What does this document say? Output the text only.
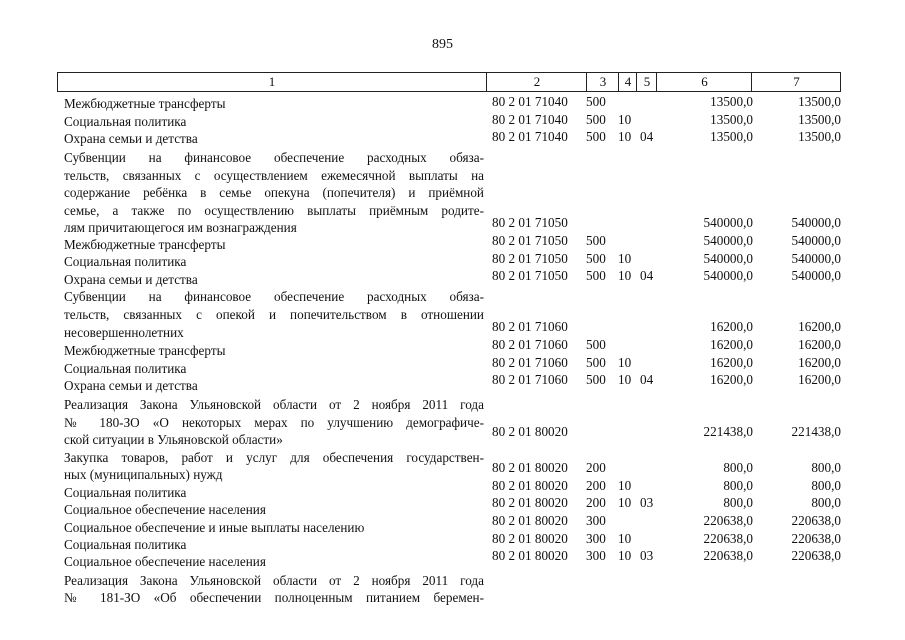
895
1	2	3	4 5	6	7
Межбюджетные трансферты	80 2 01 71040	500	13500,0	13500,0
Социальная политика	80 2 01 71040	500 10	13500,0	13500,0
Охрана семьи и детства	80 2 01 71040	500 10 04	13500,0	13500,0
Субвенции на финансовое обеспечение расходных обяза-
тельств, связанных с осуществлением ежемесячной выплаты на
содержание ребёнка в семье опекуна (попечителя) и приёмной
семье, а также по осуществлению выплаты приёмным родите-
лям причитающегося им вознаграждения	80 2 01 71050	540000,0	540000,0
Межбюджетные трансферты	80 2 01 71050	500	540000,0	540000,0
Социальная политика	80 2 01 71050	500 10	540000,0	540000,0
Охрана семьи и детства	80 2 01 71050	500 10 04	540000,0	540000,0
Субвенции на финансовое обеспечение расходных обяза-
тельств, связанных с опекой и попечительством в отношении
несовершеннолетних	80 2 01 71060	16200,0	16200,0
Межбюджетные трансферты	80 2 01 71060	500	16200,0	16200,0
Социальная политика	80 2 01 71060	500 10	16200,0	16200,0
Охрана семьи и детства	80 2 01 71060	500 10 04	16200,0	16200,0
Реализация Закона Ульяновской области от 2 ноября 2011 года
№ 180-ЗО «О некоторых мерах по улучшению демографиче-
ской ситуации в Ульяновской области»
80 2 01 80020	221438,0	221438,0
Закупка товаров, работ и услуг для обеспечения государствен-
ных (муниципальных) нужд	80 2 01 80020	200	800,0	800,0
Социальная политика	80 2 01 80020	200 10	800,0	800,0
Социальное обеспечение населения	80 2 01 80020	200 10 03	800,0	800,0
Социальное обеспечение и иные выплаты населению	80 2 01 80020	300	220638,0	220638,0
Социальная политика	80 2 01 80020	300 10	220638,0	220638,0
Социальное обеспечение населения	80 2 01 80020	300 10 03	220638,0	220638,0
Реализация Закона Ульяновской области от 2 ноября 2011 года
№ 181-ЗО «Об обеспечении полноценным питанием беремен-
